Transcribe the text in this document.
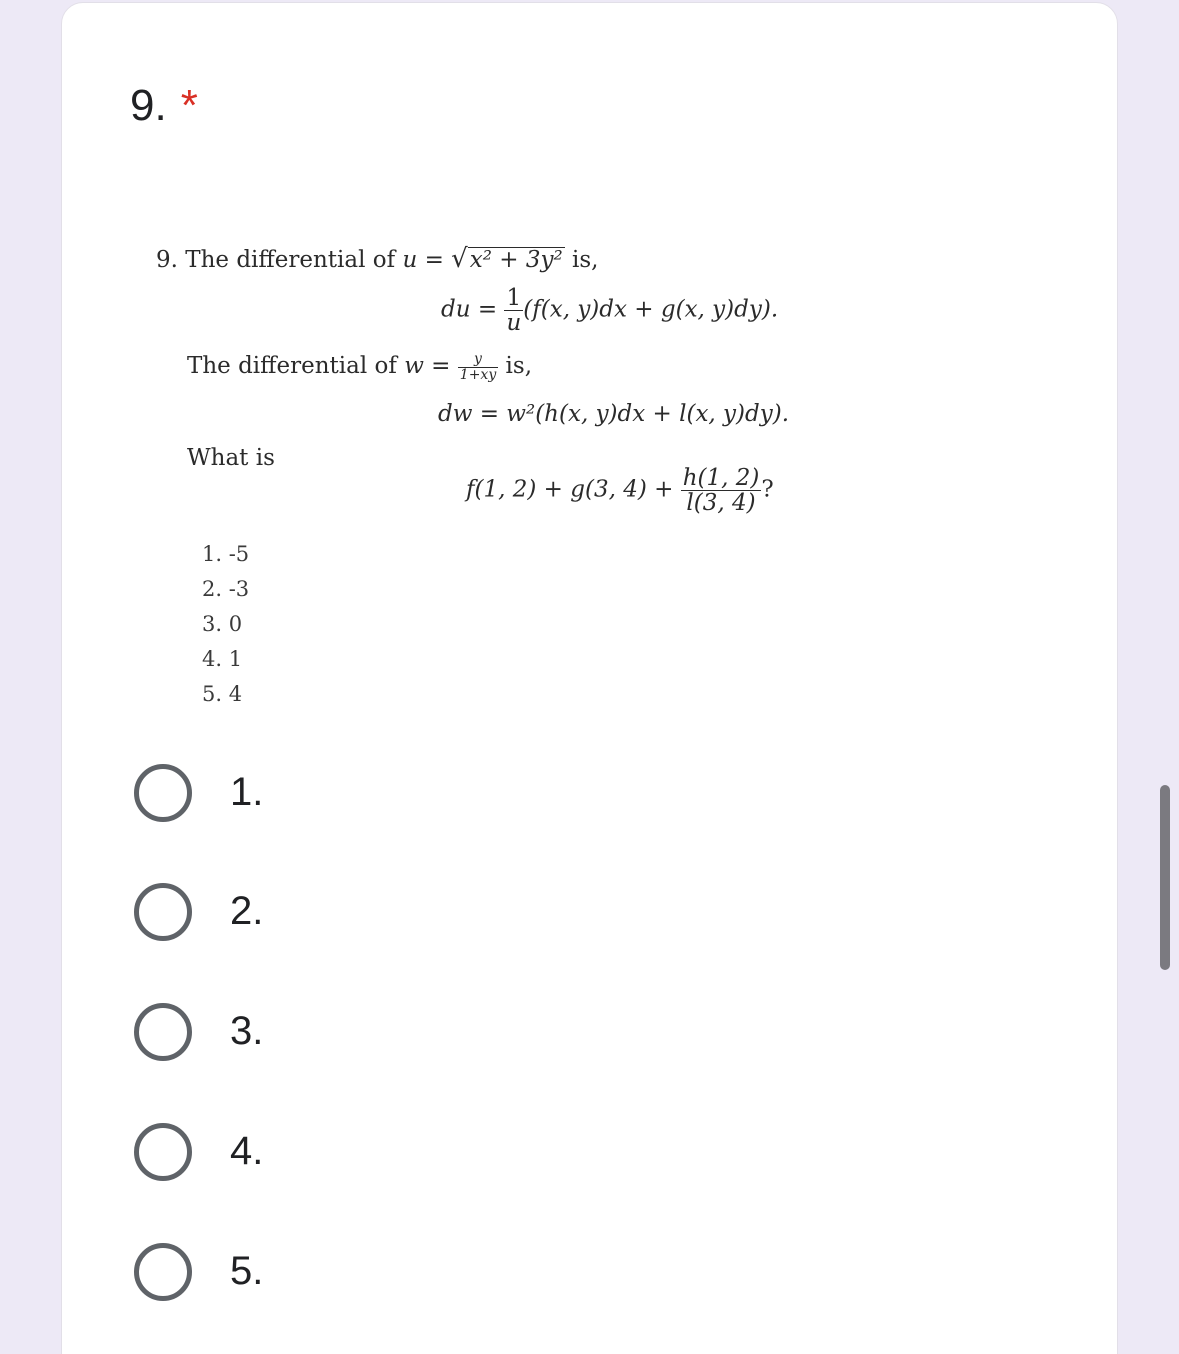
9. *
9. The differential of u = √x² + 3y² is,
du = $\frac{1}{u} (f(x$, y)dx + g(x, y)dy).
The differential of $w = \frac{y}{1+xy}$ is,
dw = w²(h(x, y)dx + l(x, y)dy).
What is
f(1, 2) + g(3, $4) + \frac{h(1, 2)}{l(3, 4)}$ ?
1. -5
2. -3
3. 0
4. 1
5. 4
1.
2.
3.
4.
5.
